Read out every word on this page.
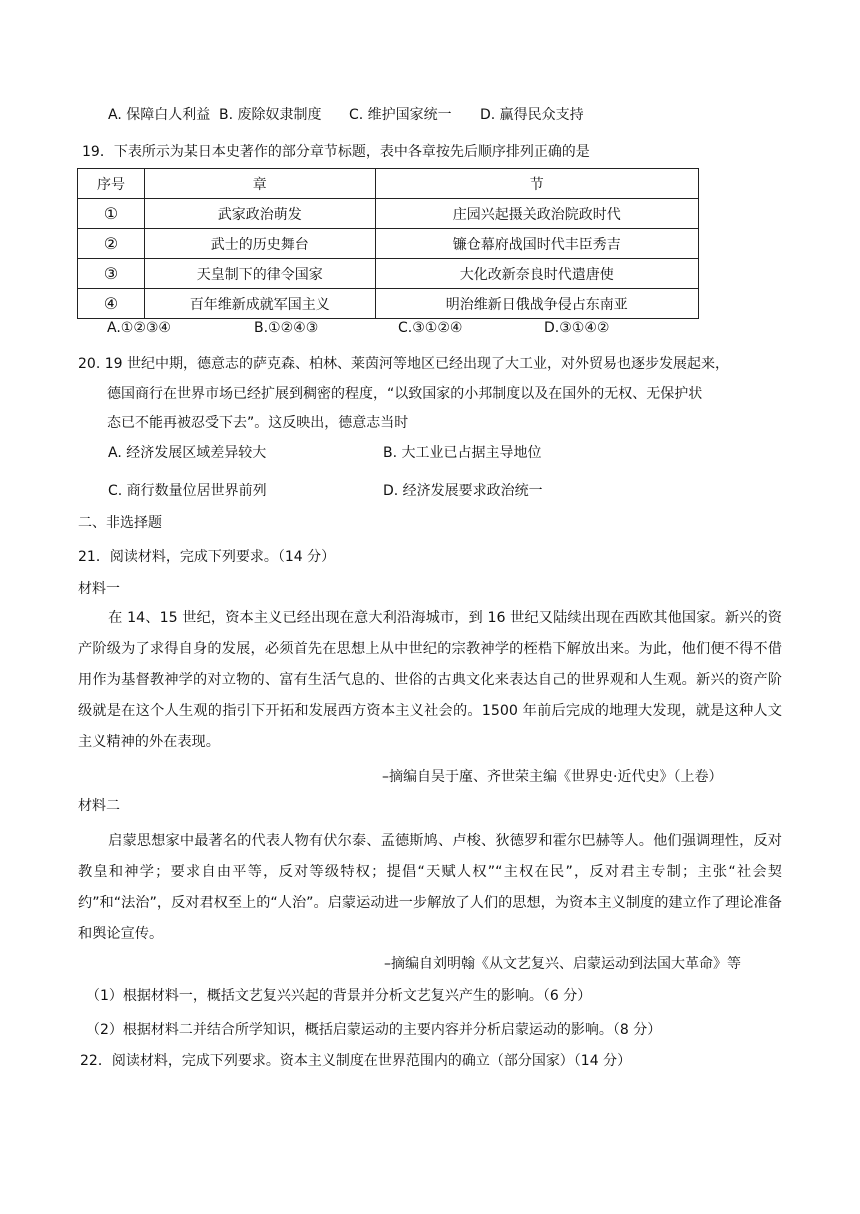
A. 保障白人利益 B. 废除奴隶制度 C. 维护国家统一 D. 赢得民众支持
19．下表所示为某日本史著作的部分章节标题，表中各章按先后顺序排列正确的是
序号	章	节
①	武家政治萌发	庄园兴起摄关政治院政时代
②	武士的历史舞台	镰仓幕府战国时代丰臣秀吉
③	天皇制下的律令国家	大化改新奈良时代遣唐使
④	百年维新成就军国主义	明治维新日俄战争侵占东南亚
A.①②③④	B.①②④③	C.③①②④	D.③①④②
20. 19 世纪中期，德意志的萨克森、柏林、莱茵河等地区已经出现了大工业，对外贸易也逐步发展起来，
德国商行在世界市场已经扩展到稠密的程度，“以致国家的小邦制度以及在国外的无权、无保护状
态已不能再被忍受下去”。这反映出，德意志当时
A. 经济发展区域差异较大	B. 大工业已占据主导地位
C. 商行数量位居世界前列	D. 经济发展要求政治统一
二、非选择题
21．阅读材料，完成下列要求。（14 分）
材料一
在 14、15 世纪，资本主义已经出现在意大利沿海城市，到 16 世纪又陆续出现在西欧其他国家。新兴的资产阶级为了求得自身的发展，必须首先在思想上从中世纪的宗教神学的桎梏下解放出来。为此，他们便不得不借用作为基督教神学的对立物的、富有生活气息的、世俗的古典文化来表达自己的世界观和人生观。新兴的资产阶级就是在这个人生观的指引下开拓和发展西方资本主义社会的。1500 年前后完成的地理大发现，就是这种人文主义精神的外在表现。
–摘编自吴于廑、齐世荣主编《世界史·近代史》（上卷）
材料二
启蒙思想家中最著名的代表人物有伏尔泰、孟德斯鸠、卢梭、狄德罗和霍尔巴赫等人。他们强调理性，反对教皇和神学；要求自由平等，反对等级特权；提倡“天赋人权”“主权在民”，反对君主专制；主张“社会契约”和“法治”，反对君权至上的“人治”。启蒙运动进一步解放了人们的思想，为资本主义制度的建立作了理论准备和舆论宣传。
–摘编自刘明翰《从文艺复兴、启蒙运动到法国大革命》等
（1）根据材料一，概括文艺复兴兴起的背景并分析文艺复兴产生的影响。（6 分）
（2）根据材料二并结合所学知识，概括启蒙运动的主要内容并分析启蒙运动的影响。（8 分）
22．阅读材料，完成下列要求。资本主义制度在世界范围内的确立（部分国家）（14 分）
